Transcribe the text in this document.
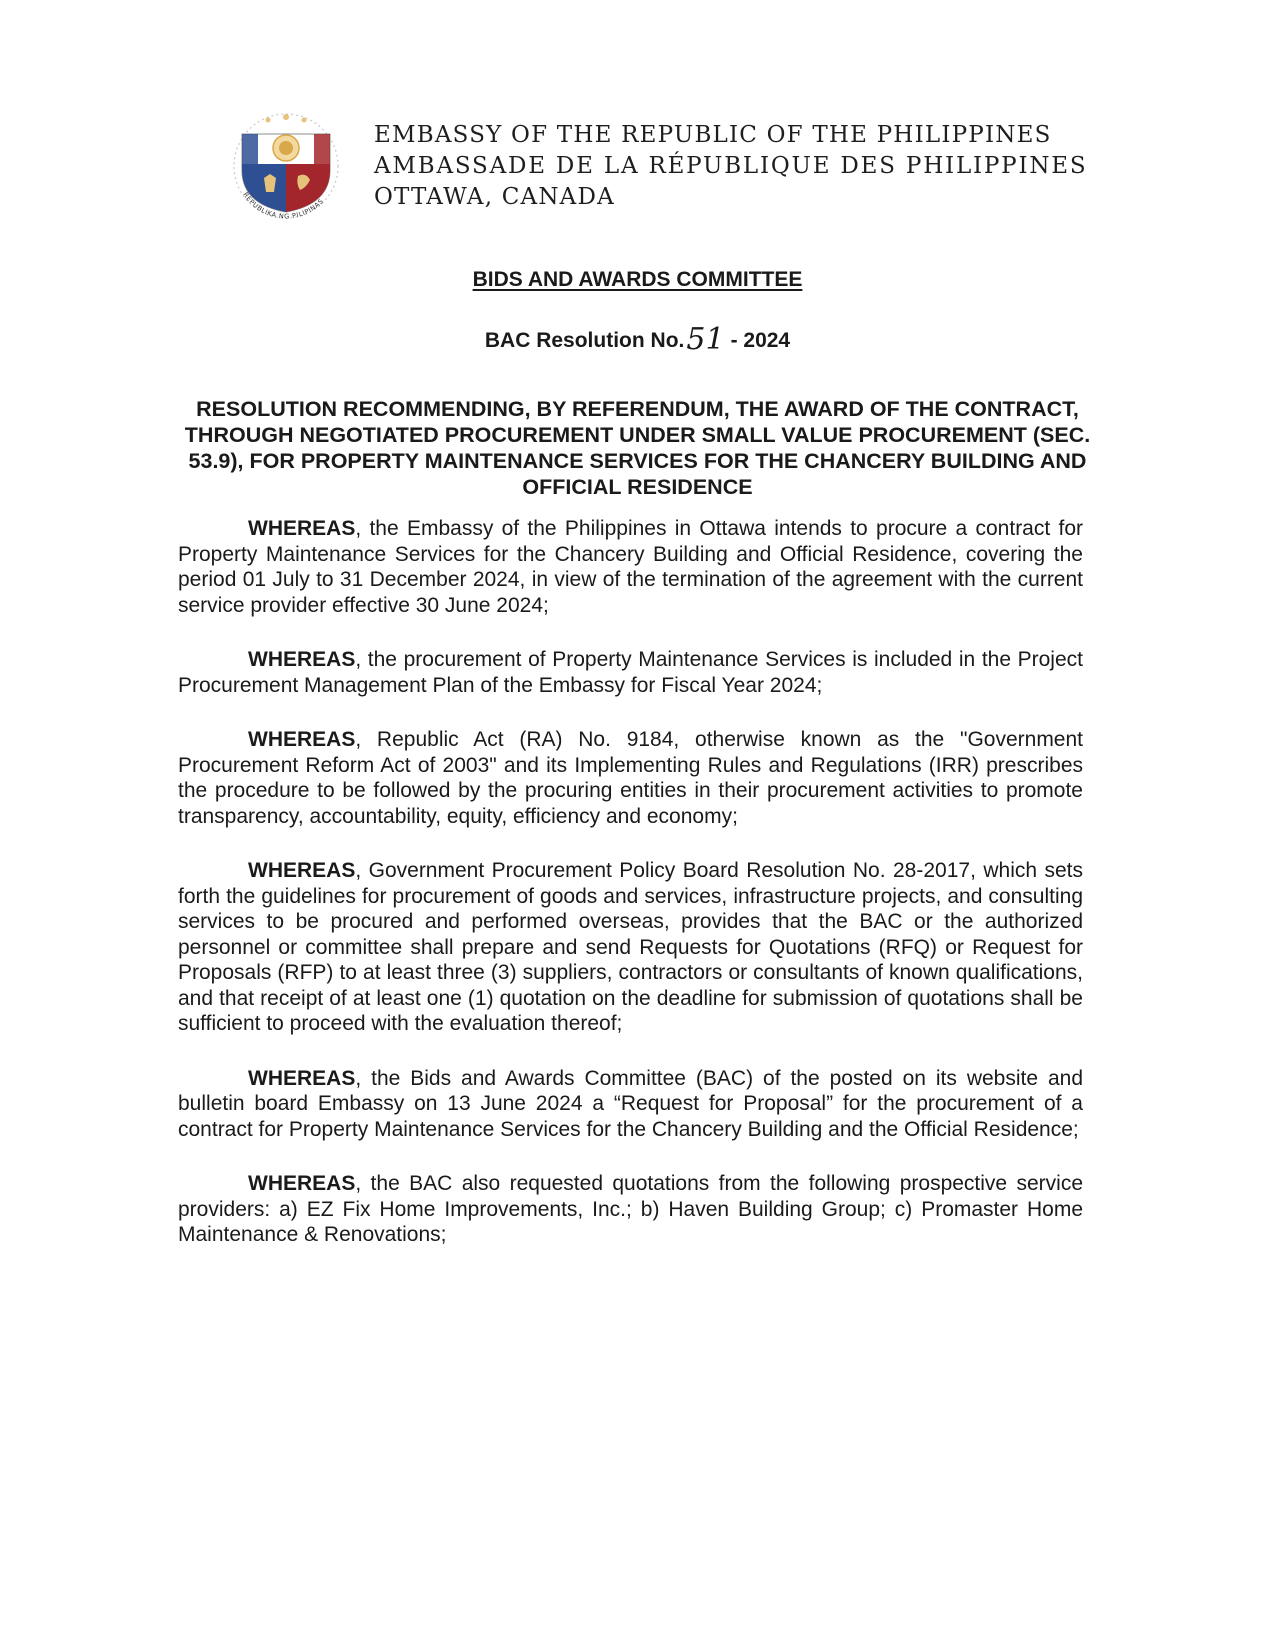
REPUBLIKA NG PILIPINAS
EMBASSY OF THE REPUBLIC OF THE PHILIPPINES
AMBASSADE DE LA RÉPUBLIQUE DES PHILIPPINES
OTTAWA, CANADA
BIDS AND AWARDS COMMITTEE
BAC Resolution No.51 - 2024
RESOLUTION RECOMMENDING, BY REFERENDUM, THE AWARD OF THE CONTRACT, THROUGH NEGOTIATED PROCUREMENT UNDER SMALL VALUE PROCUREMENT (SEC. 53.9), FOR PROPERTY MAINTENANCE SERVICES FOR THE CHANCERY BUILDING AND OFFICIAL RESIDENCE

WHEREAS, the Embassy of the Philippines in Ottawa intends to procure a contract for Property Maintenance Services for the Chancery Building and Official Residence, covering the period 01 July to 31 December 2024, in view of the termination of the agreement with the current service provider effective 30 June 2024;

WHEREAS, the procurement of Property Maintenance Services is included in the Project Procurement Management Plan of the Embassy for Fiscal Year 2024;

WHEREAS, Republic Act (RA) No. 9184, otherwise known as the "Government Procurement Reform Act of 2003" and its Implementing Rules and Regulations (IRR) prescribes the procedure to be followed by the procuring entities in their procurement activities to promote transparency, accountability, equity, efficiency and economy;

WHEREAS, Government Procurement Policy Board Resolution No. 28-2017, which sets forth the guidelines for procurement of goods and services, infrastructure projects, and consulting services to be procured and performed overseas, provides that the BAC or the authorized personnel or committee shall prepare and send Requests for Quotations (RFQ) or Request for Proposals (RFP) to at least three (3) suppliers, contractors or consultants of known qualifications, and that receipt of at least one (1) quotation on the deadline for submission of quotations shall be sufficient to proceed with the evaluation thereof;

WHEREAS, the Bids and Awards Committee (BAC) of the posted on its website and bulletin board Embassy on 13 June 2024 a “Request for Proposal” for the procurement of a contract for Property Maintenance Services for the Chancery Building and the Official Residence;

WHEREAS, the BAC also requested quotations from the following prospective service providers: a) EZ Fix Home Improvements, Inc.; b) Haven Building Group; c) Promaster Home Maintenance & Renovations;
